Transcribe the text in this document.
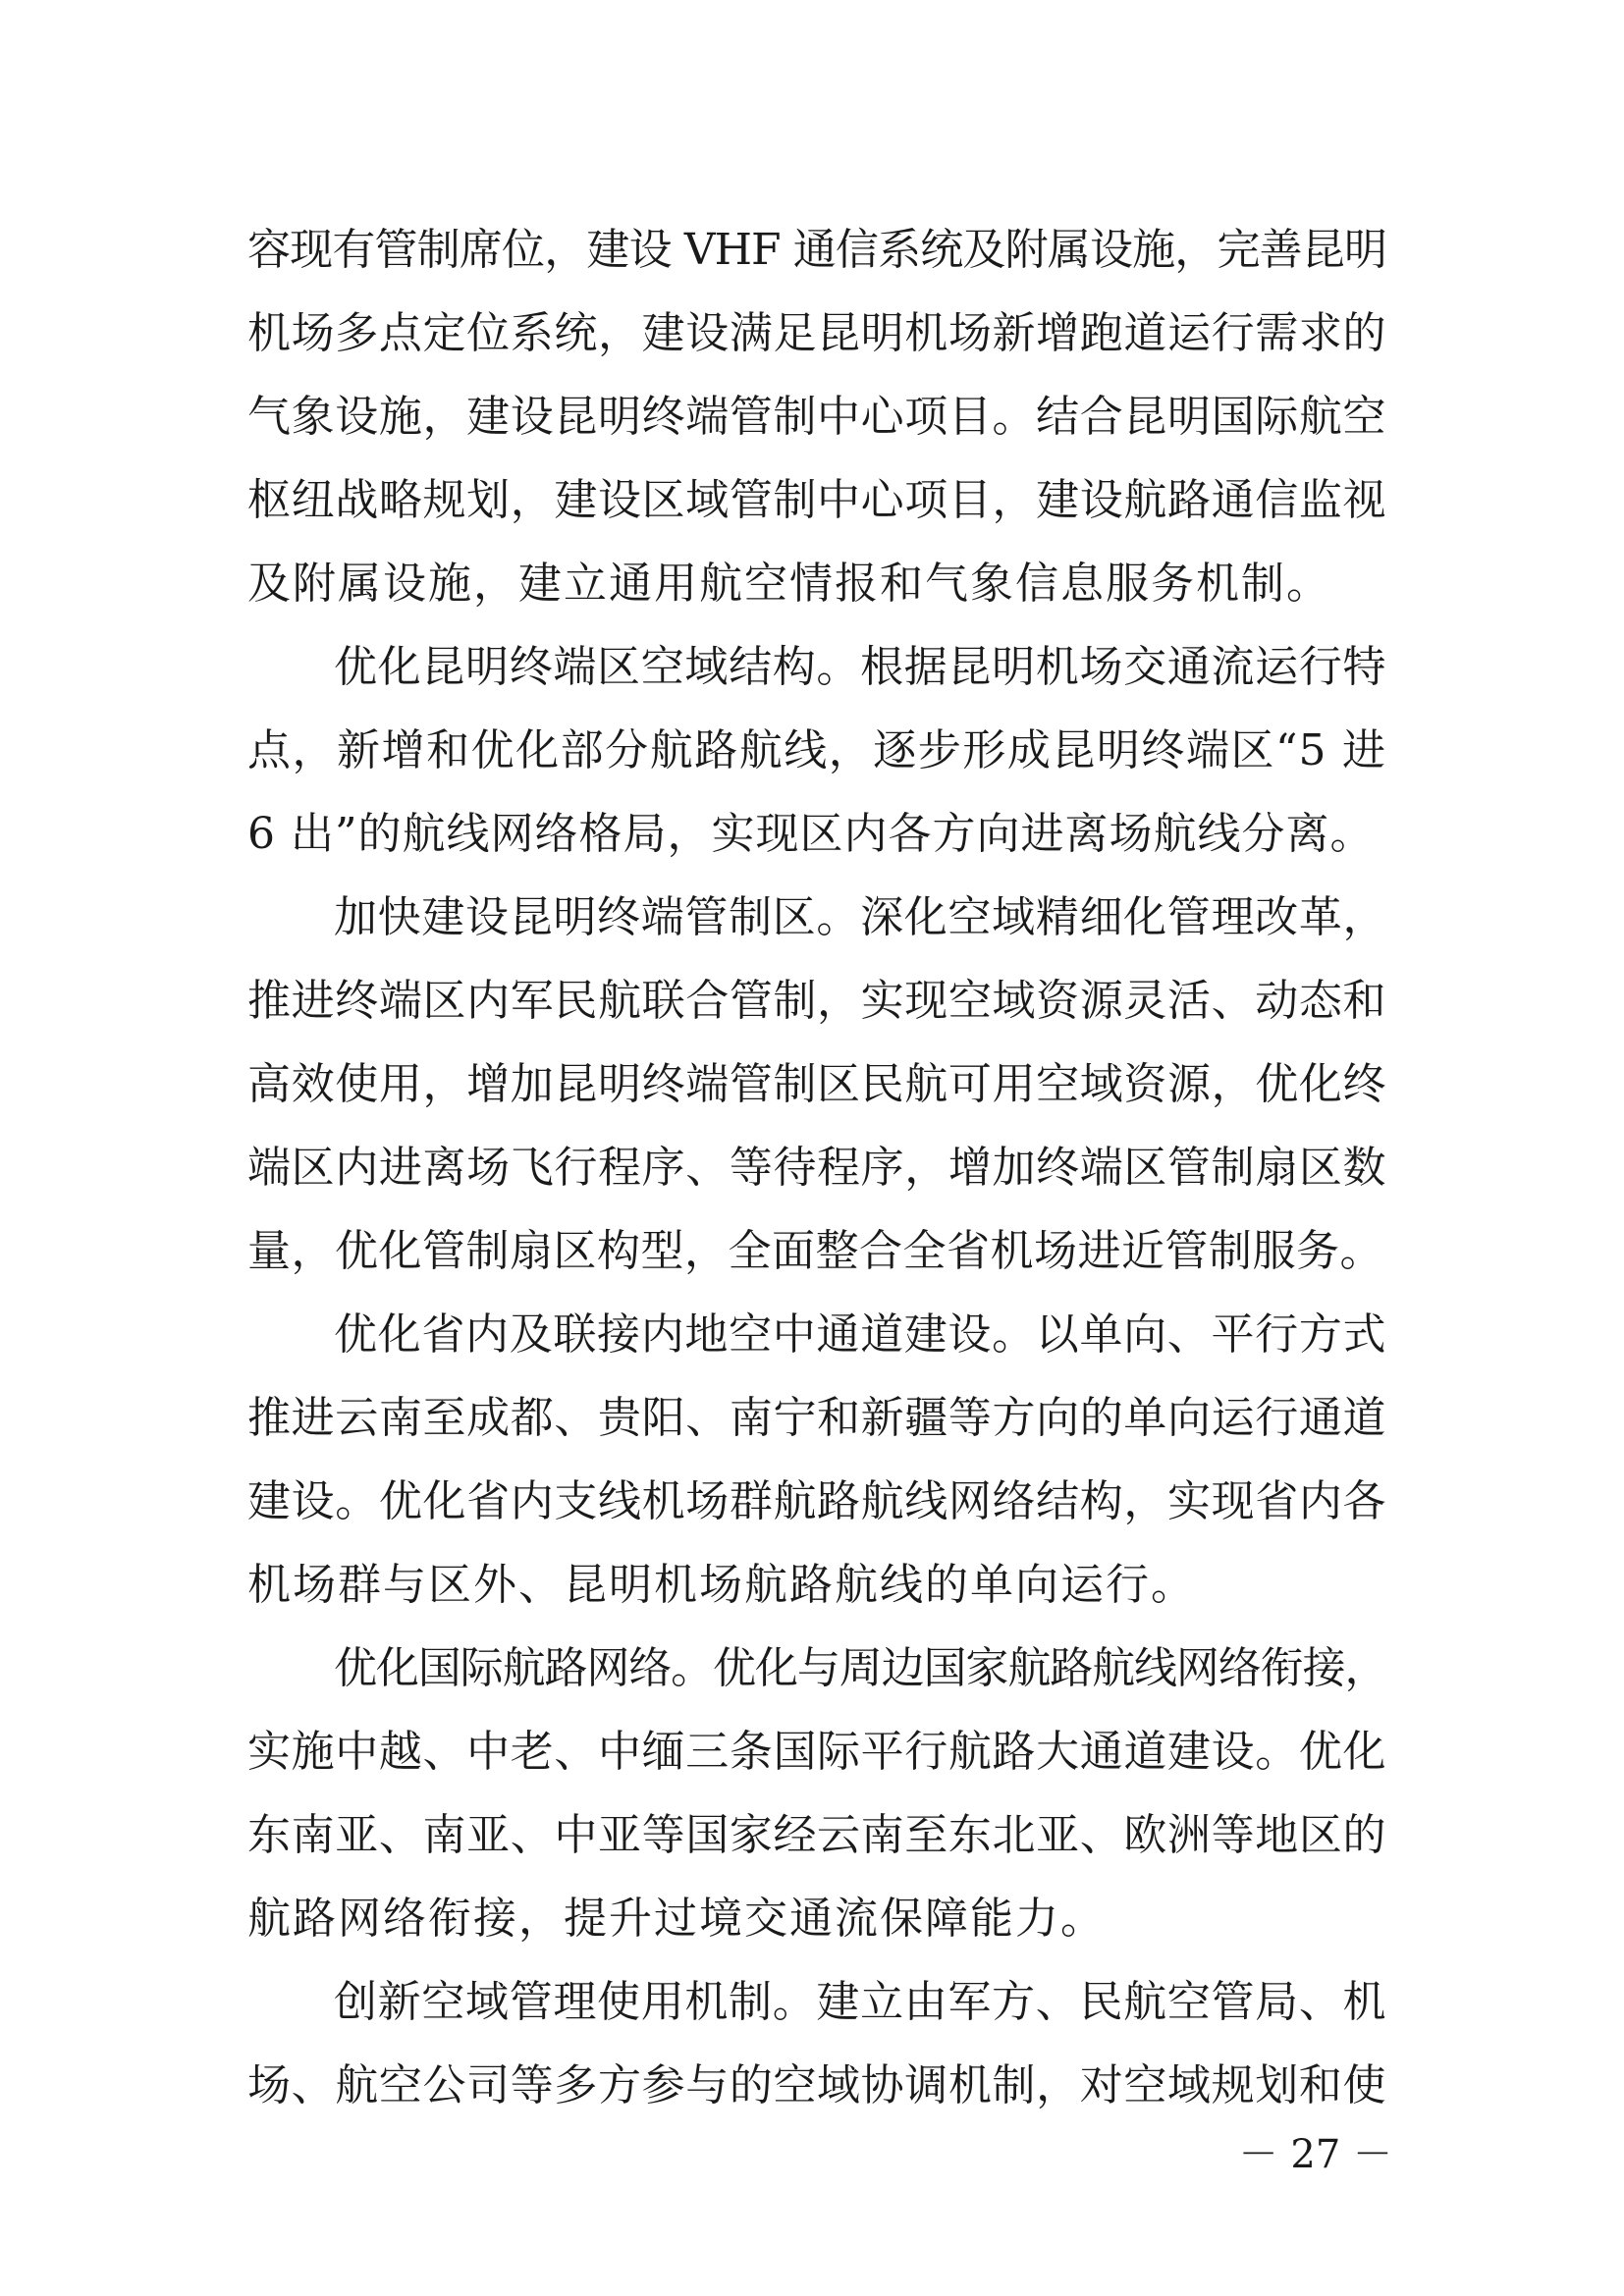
容现有管制席位，建设 VHF 通信系统及附属设施，完善昆明
机场多点定位系统，建设满足昆明机场新增跑道运行需求的
气象设施，建设昆明终端管制中心项目。结合昆明国际航空
枢纽战略规划，建设区域管制中心项目，建设航路通信监视
及附属设施，建立通用航空情报和气象信息服务机制。
优化昆明终端区空域结构。根据昆明机场交通流运行特
点，新增和优化部分航路航线，逐步形成昆明终端区“5 进
6 出”的航线网络格局，实现区内各方向进离场航线分离。
加快建设昆明终端管制区。深化空域精细化管理改革，
推进终端区内军民航联合管制，实现空域资源灵活、动态和
高效使用，增加昆明终端管制区民航可用空域资源，优化终
端区内进离场飞行程序、等待程序，增加终端区管制扇区数
量，优化管制扇区构型，全面整合全省机场进近管制服务。
优化省内及联接内地空中通道建设。以单向、平行方式
推进云南至成都、贵阳、南宁和新疆等方向的单向运行通道
建设。优化省内支线机场群航路航线网络结构，实现省内各
机场群与区外、昆明机场航路航线的单向运行。
优化国际航路网络。优化与周边国家航路航线网络衔接，
实施中越、中老、中缅三条国际平行航路大通道建设。优化
东南亚、南亚、中亚等国家经云南至东北亚、欧洲等地区的
航路网络衔接，提升过境交通流保障能力。
创新空域管理使用机制。建立由军方、民航空管局、机
场、航空公司等多方参与的空域协调机制，对空域规划和使
－ 27 －
